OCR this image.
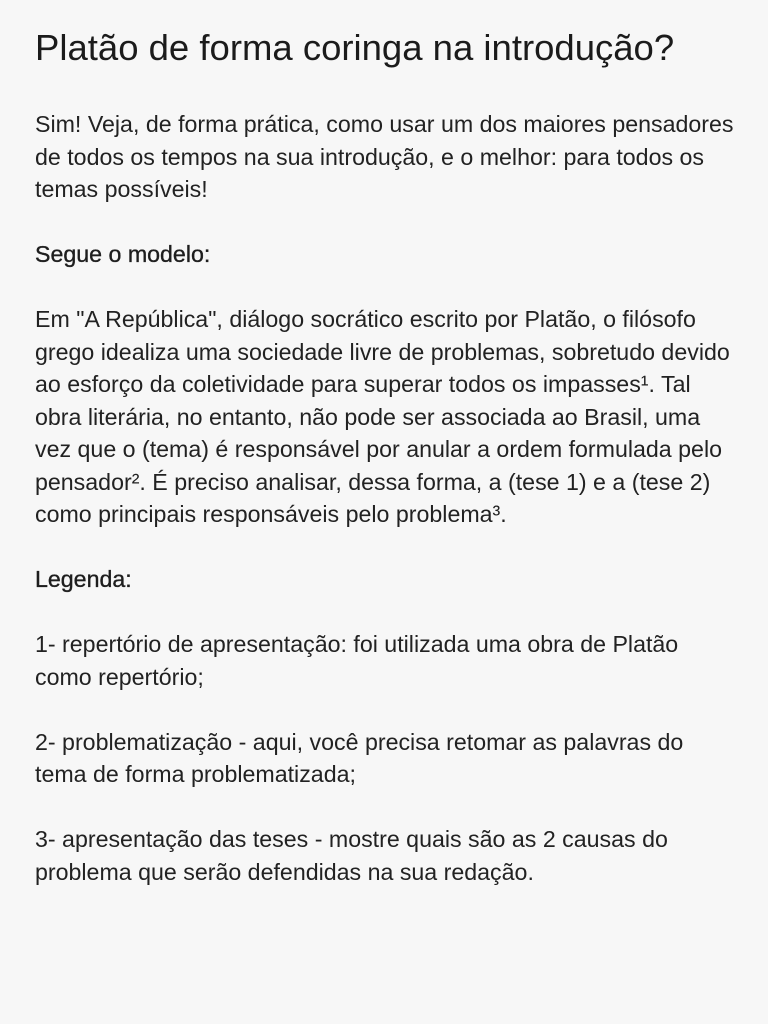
Platão de forma coringa na introdução?

Sim! Veja, de forma prática, como usar um dos maiores pensadores de todos os tempos na sua introdução, e o melhor: para todos os temas possíveis!

Segue o modelo:

Em "A República", diálogo socrático escrito por Platão, o filósofo grego idealiza uma sociedade livre de problemas, sobretudo devido ao esforço da coletividade para superar todos os impasses¹. Tal obra literária, no entanto, não pode ser associada ao Brasil, uma vez que o (tema) é responsável por anular a ordem formulada pelo pensador². É preciso analisar, dessa forma, a (tese 1) e a (tese 2) como principais responsáveis pelo problema³.

Legenda:

1- repertório de apresentação: foi utilizada uma obra de Platão como repertório;

2- problematização - aqui, você precisa retomar as palavras do tema de forma problematizada;

3- apresentação das teses - mostre quais são as 2 causas do problema que serão defendidas na sua redação.
